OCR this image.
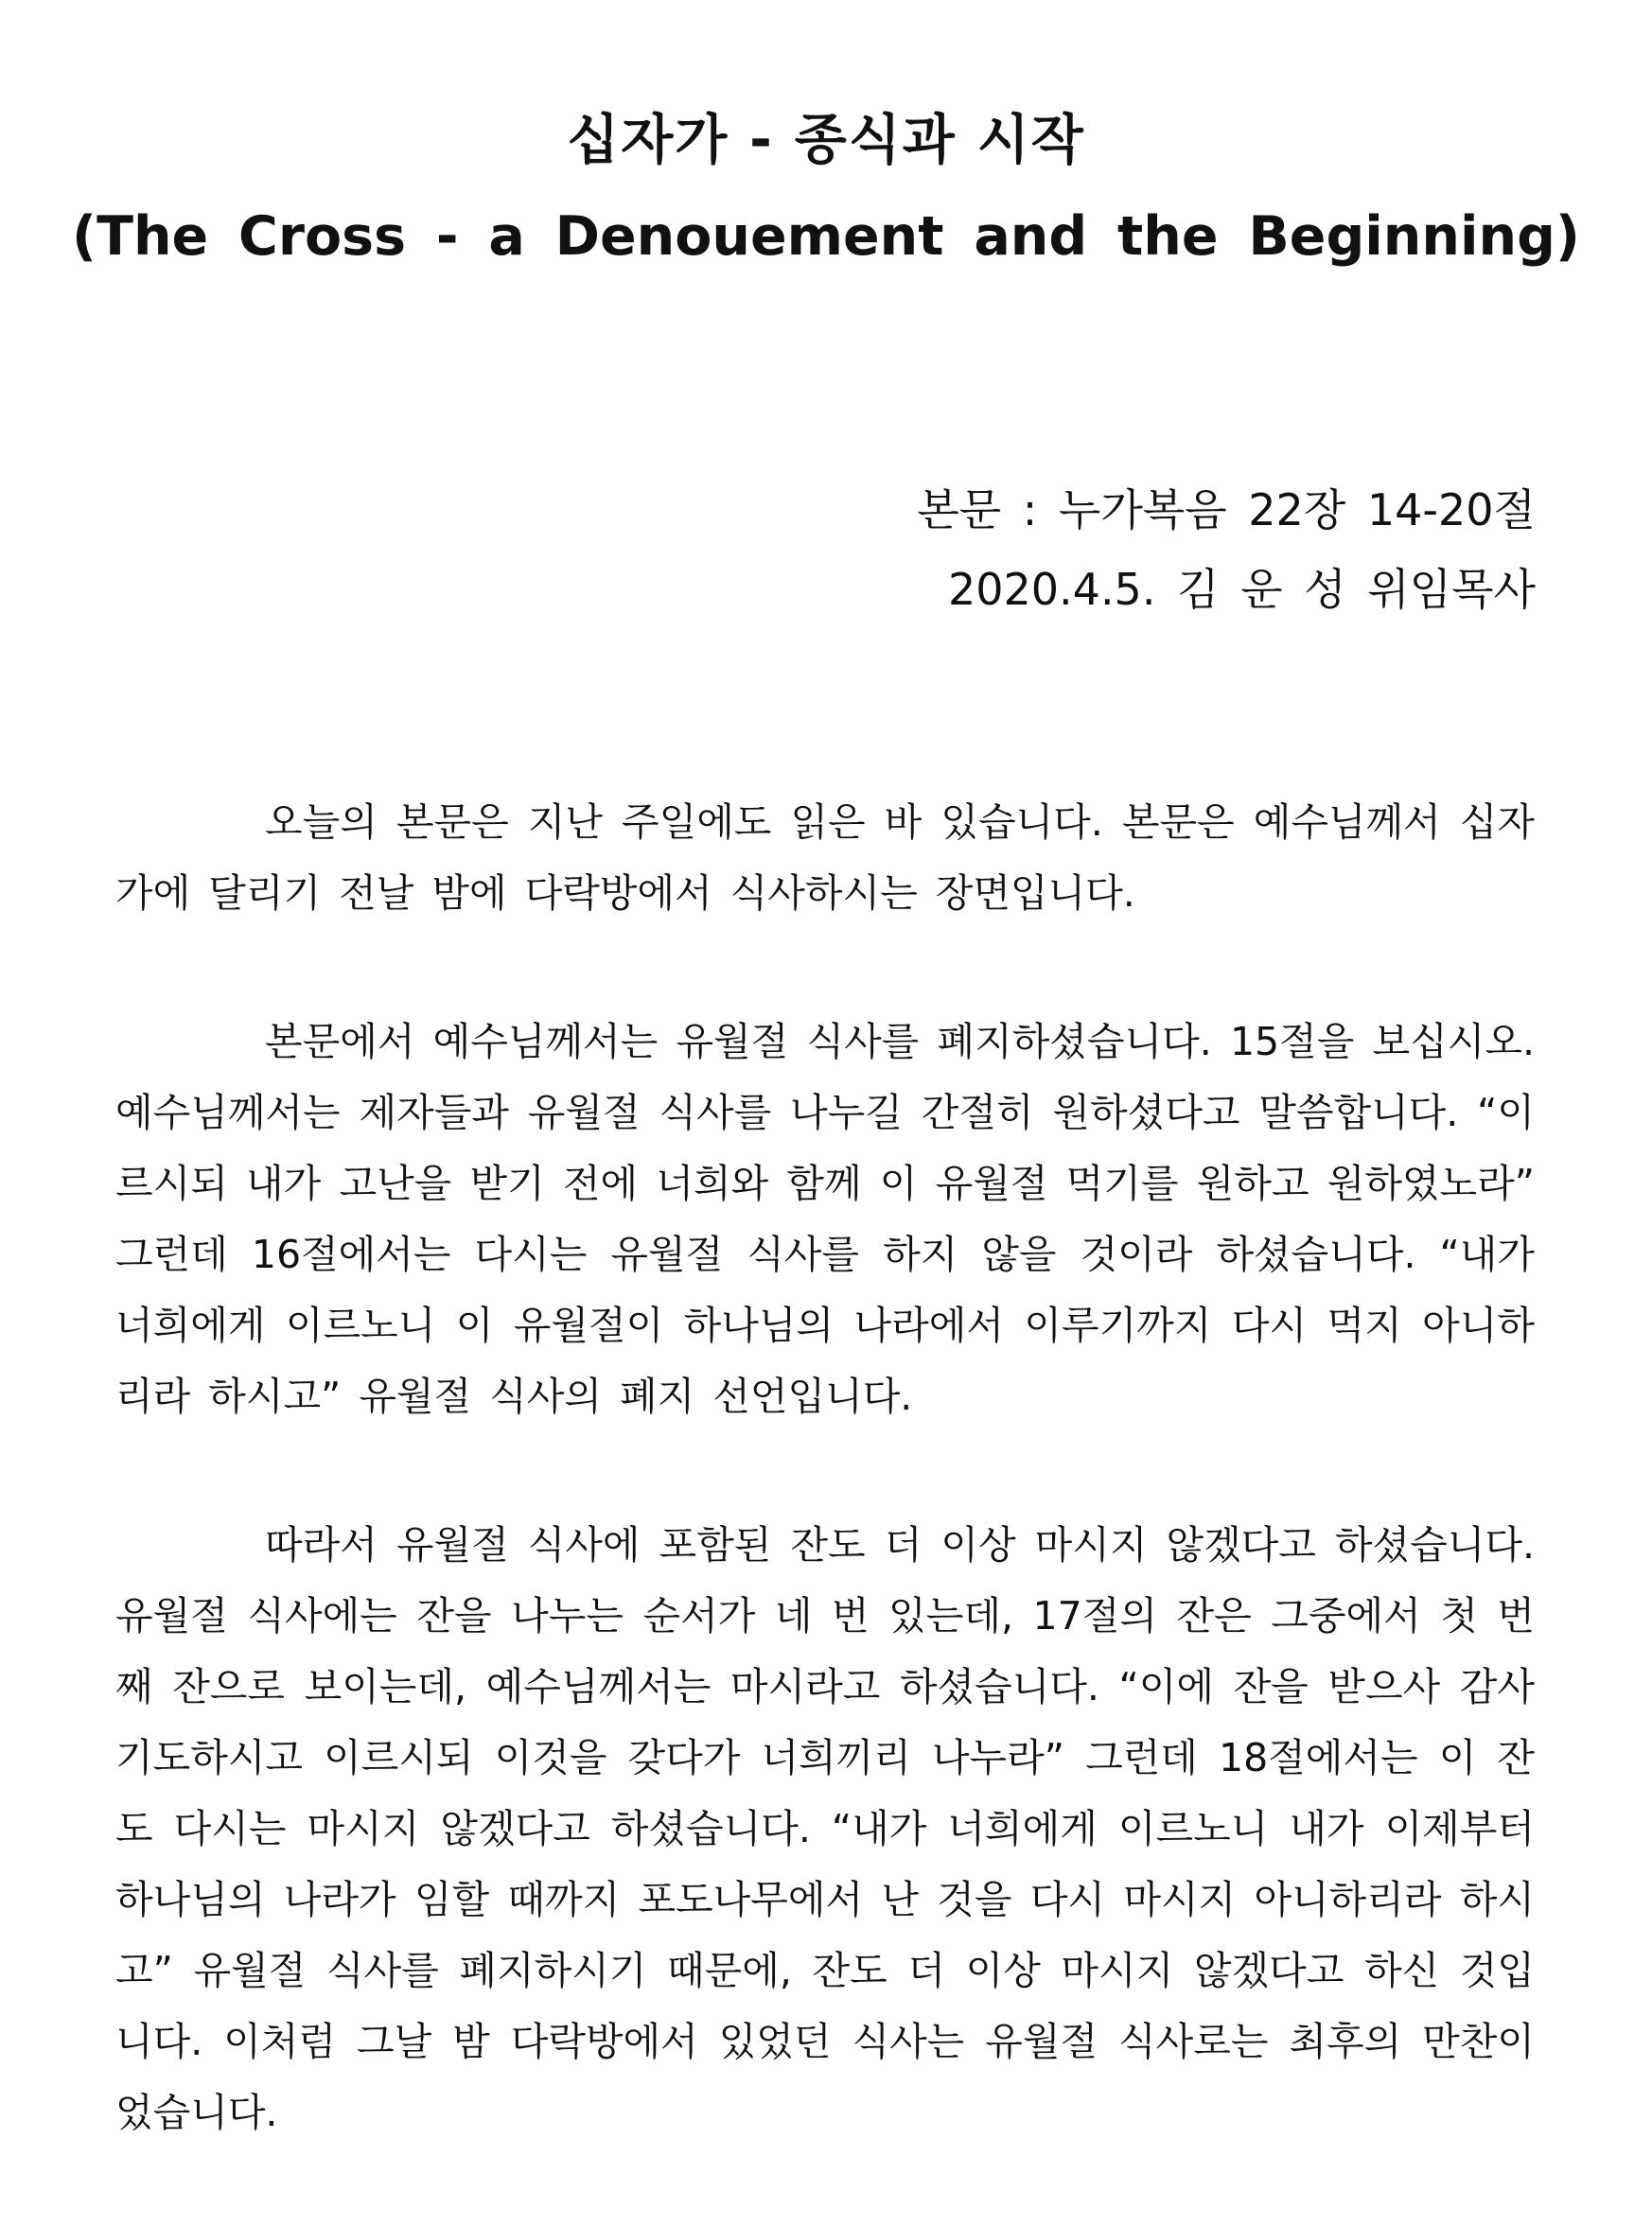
십자가 - 종식과 시작
(The Cross - a Denouement and the Beginning)
본문 : 누가복음 22장 14-20절
2020.4.5. 김 운 성 위임목사

오늘의 본문은 지난 주일에도 읽은 바 있습니다. 본문은 예수님께서 십자가에 달리기 전날 밤에 다락방에서 식사하시는 장면입니다.

본문에서 예수님께서는 유월절 식사를 폐지하셨습니다. 15절을 보십시오. 예수님께서는 제자들과 유월절 식사를 나누길 간절히 원하셨다고 말씀합니다. “이르시되 내가 고난을 받기 전에 너희와 함께 이 유월절 먹기를 원하고 원하였노라” 그런데 16절에서는 다시는 유월절 식사를 하지 않을 것이라 하셨습니다. “내가 너희에게 이르노니 이 유월절이 하나님의 나라에서 이루기까지 다시 먹지 아니하리라 하시고” 유월절 식사의 폐지 선언입니다.

따라서 유월절 식사에 포함된 잔도 더 이상 마시지 않겠다고 하셨습니다. 유월절 식사에는 잔을 나누는 순서가 네 번 있는데, 17절의 잔은 그중에서 첫 번째 잔으로 보이는데, 예수님께서는 마시라고 하셨습니다. “이에 잔을 받으사 감사 기도하시고 이르시되 이것을 갖다가 너희끼리 나누라” 그런데 18절에서는 이 잔도 다시는 마시지 않겠다고 하셨습니다. “내가 너희에게 이르노니 내가 이제부터 하나님의 나라가 임할 때까지 포도나무에서 난 것을 다시 마시지 아니하리라 하시고” 유월절 식사를 폐지하시기 때문에, 잔도 더 이상 마시지 않겠다고 하신 것입니다. 이처럼 그날 밤 다락방에서 있었던 식사는 유월절 식사로는 최후의 만찬이었습니다.
